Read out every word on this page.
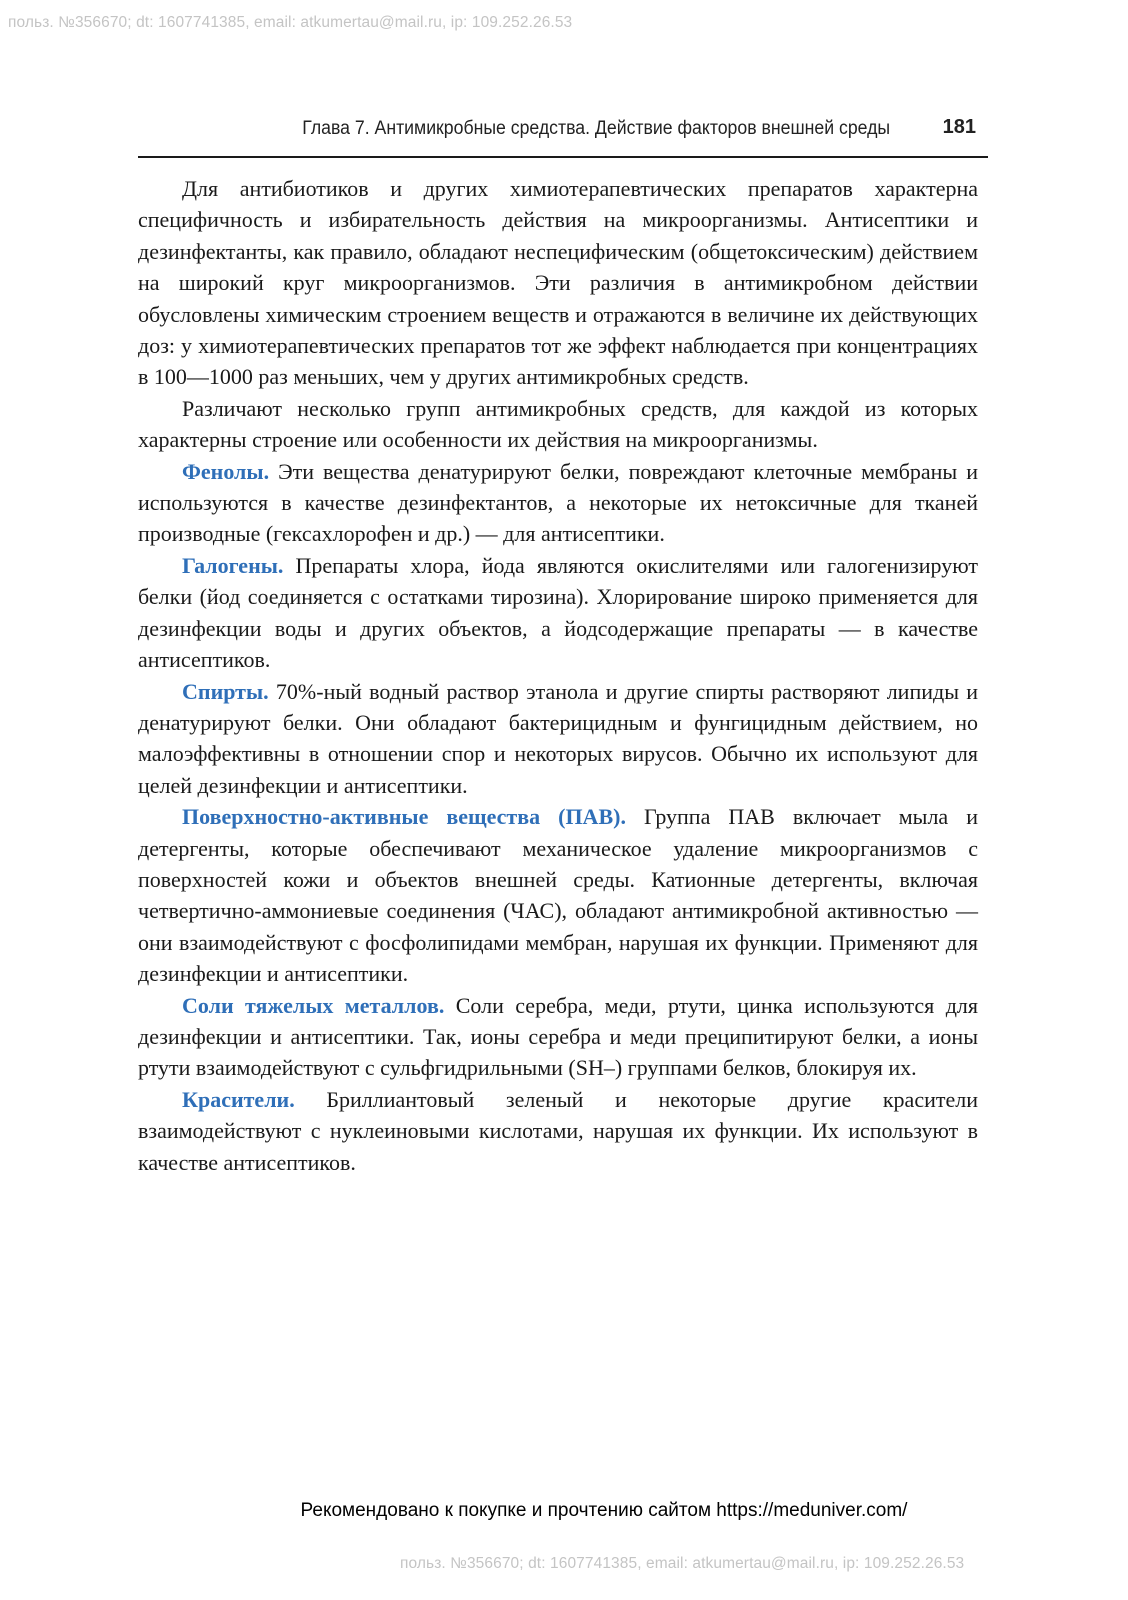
польз. №356670; dt: 1607741385, email: atkumertau@mail.ru, ip: 109.252.26.53
Глава 7. Антимикробные средства. Действие факторов внешней среды	181

Для антибиотиков и других химиотерапевтических препаратов характерна специфичность и избирательность действия на микроорганизмы. Антисептики и дезинфектанты, как правило, обладают неспецифическим (общетоксическим) действием на широкий круг микроорганизмов. Эти различия в антимикробном действии обусловлены химическим строением веществ и отражаются в величине их действующих доз: у химиотерапевтических препаратов тот же эффект наблюдается при концентрациях в 100—1000 раз меньших, чем у других антимикробных средств.

Различают несколько групп антимикробных средств, для каждой из которых характерны строение или особенности их действия на микроорганизмы.

Фенолы. Эти вещества денатурируют белки, повреждают клеточные мембраны и используются в качестве дезинфектантов, а некоторые их нетоксичные для тканей производные (гексахлорофен и др.) — для антисептики.

Галогены. Препараты хлора, йода являются окислителями или галогенизируют белки (йод соединяется с остатками тирозина). Хлорирование широко применяется для дезинфекции воды и других объектов, а йодсодержащие препараты — в качестве антисептиков.

Спирты. 70%-ный водный раствор этанола и другие спирты растворяют липиды и денатурируют белки. Они обладают бактерицидным и фунгицидным действием, но малоэффективны в отношении спор и некоторых вирусов. Обычно их используют для целей дезинфекции и антисептики.

Поверхностно-активные вещества (ПАВ). Группа ПАВ включает мыла и детергенты, которые обеспечивают механическое удаление микроорганизмов с поверхностей кожи и объектов внешней среды. Катионные детергенты, включая четвертично-аммониевые соединения (ЧАС), обладают антимикробной активностью — они взаимодействуют с фосфолипидами мембран, нарушая их функции. Применяют для дезинфекции и антисептики.

Соли тяжелых металлов. Соли серебра, меди, ртути, цинка используются для дезинфекции и антисептики. Так, ионы серебра и меди преципитируют белки, а ионы ртути взаимодействуют с сульфгидрильными (SH–) группами белков, блокируя их.

Красители. Бриллиантовый зеленый и некоторые другие красители взаимодействуют с нуклеиновыми кислотами, нарушая их функции. Их используют в качестве антисептиков.

Рекомендовано к покупке и прочтению сайтом https://meduniver.com/
польз. №356670; dt: 1607741385, email: atkumertau@mail.ru, ip: 109.252.26.53
